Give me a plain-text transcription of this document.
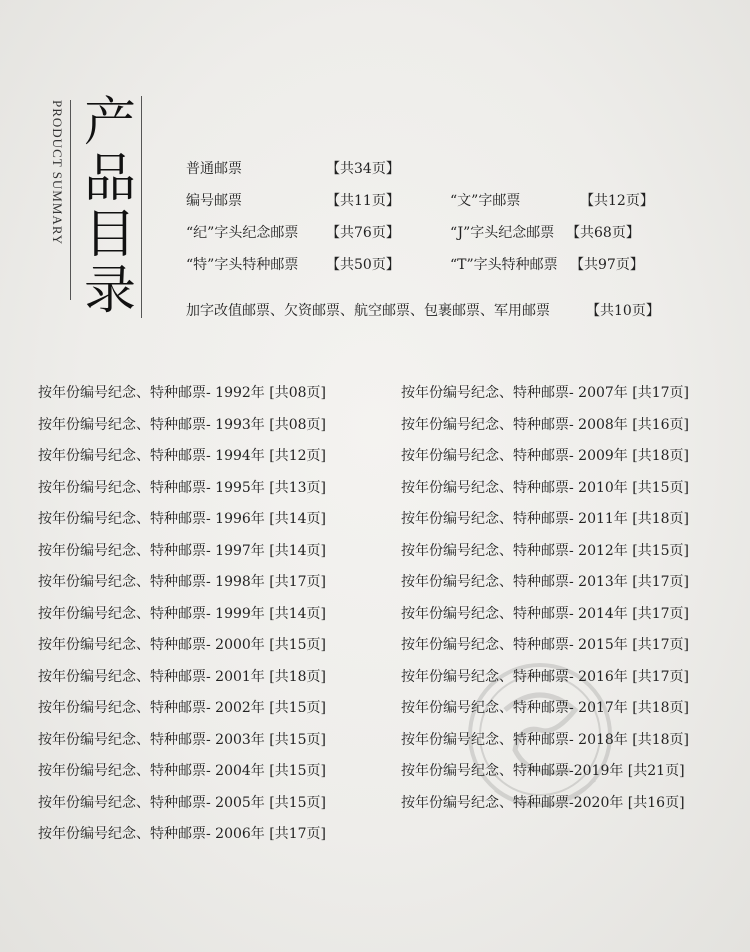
PRODUCT SUMMARY 产
品
目
录
普通邮票	【共34页】
编号邮票	【共11页】	“文”字邮票	【共12页】
“纪”字头纪念邮票 【共76页】	“J”字头纪念邮票 【共68页】
“特”字头特种邮票 【共50页】	“T”字头特种邮票 【共97页】
加字改值邮票、欠资邮票、航空邮票、包裹邮票、军用邮票	【共10页】
按年份编号纪念、特种邮票- 1992年 [共08页]
按年份编号纪念、特种邮票- 1993年 [共08页]
按年份编号纪念、特种邮票- 1994年 [共12页]
按年份编号纪念、特种邮票- 1995年 [共13页]
按年份编号纪念、特种邮票- 1996年 [共14页]
按年份编号纪念、特种邮票- 1997年 [共14页]
按年份编号纪念、特种邮票- 1998年 [共17页]
按年份编号纪念、特种邮票- 1999年 [共14页]
按年份编号纪念、特种邮票- 2000年 [共15页]
按年份编号纪念、特种邮票- 2001年 [共18页]
按年份编号纪念、特种邮票- 2002年 [共15页]
按年份编号纪念、特种邮票- 2003年 [共15页]
按年份编号纪念、特种邮票- 2004年 [共15页]
按年份编号纪念、特种邮票- 2005年 [共15页]
按年份编号纪念、特种邮票- 2006年 [共17页]
按年份编号纪念、特种邮票- 2007年 [共17页]
按年份编号纪念、特种邮票- 2008年 [共16页]
按年份编号纪念、特种邮票- 2009年 [共18页]
按年份编号纪念、特种邮票- 2010年 [共15页]
按年份编号纪念、特种邮票- 2011年 [共18页]
按年份编号纪念、特种邮票- 2012年 [共15页]
按年份编号纪念、特种邮票- 2013年 [共17页]
按年份编号纪念、特种邮票- 2014年 [共17页]
按年份编号纪念、特种邮票- 2015年 [共17页]
按年份编号纪念、特种邮票- 2016年 [共17页]
按年份编号纪念、特种邮票- 2017年 [共18页]
按年份编号纪念、特种邮票- 2018年 [共18页]
按年份编号纪念、特种邮票-2019年 [共21页]
按年份编号纪念、特种邮票-2020年 [共16页]
